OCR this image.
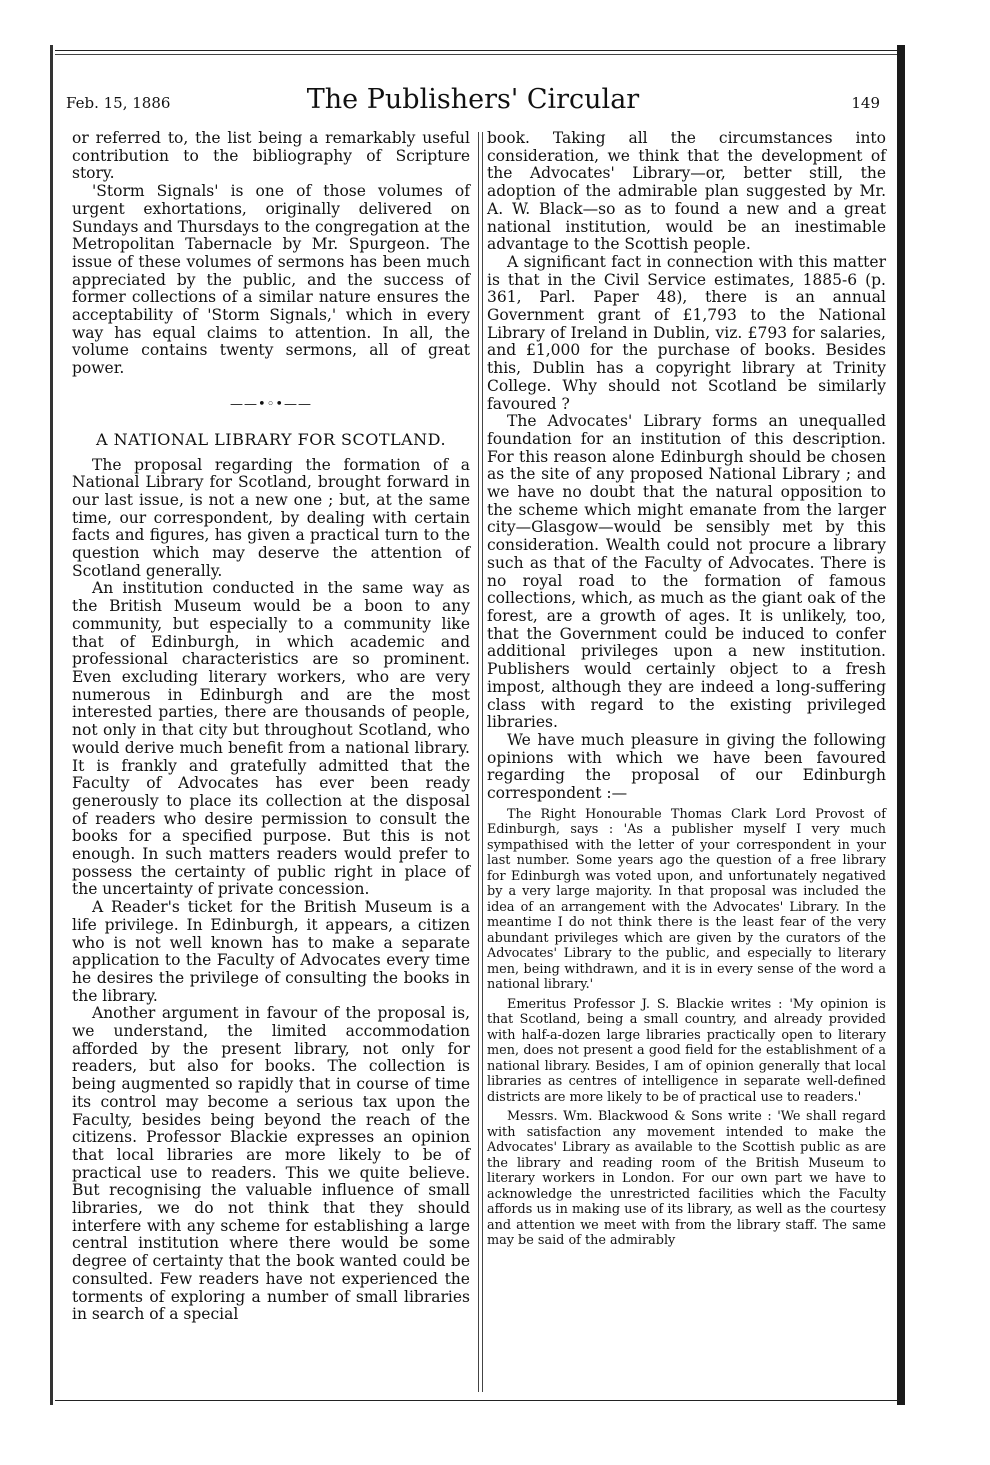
Feb. 15, 1886	The Publishers' Circular	149

or referred to, the list being a remarkably useful contribution to the bibliography of Scripture story.

'Storm Signals' is one of those volumes of urgent exhortations, originally delivered on Sundays and Thursdays to the congregation at the Metropolitan Tabernacle by Mr. Spurgeon. The issue of these volumes of sermons has been much appreciated by the public, and the success of former collections of a similar nature ensures the acceptability of 'Storm Signals,' which in every way has equal claims to attention. In all, the volume contains twenty sermons, all of great power.

——•◦•——
A NATIONAL LIBRARY FOR SCOTLAND.

The proposal regarding the formation of a National Library for Scotland, brought forward in our last issue, is not a new one ; but, at the same time, our correspondent, by dealing with certain facts and figures, has given a practical turn to the question which may deserve the attention of Scotland generally.

An institution conducted in the same way as the British Museum would be a boon to any community, but especially to a community like that of Edinburgh, in which academic and professional characteristics are so prominent. Even excluding literary workers, who are very numerous in Edinburgh and are the most interested parties, there are thousands of people, not only in that city but throughout Scotland, who would derive much benefit from a national library. It is frankly and gratefully admitted that the Faculty of Advocates has ever been ready generously to place its collection at the disposal of readers who desire permission to consult the books for a specified purpose. But this is not enough. In such matters readers would prefer to possess the certainty of public right in place of the uncertainty of private concession.

A Reader's ticket for the British Museum is a life privilege. In Edinburgh, it appears, a citizen who is not well known has to make a separate application to the Faculty of Advocates every time he desires the privilege of consulting the books in the library.

Another argument in favour of the proposal is, we understand, the limited accommodation afforded by the present library, not only for readers, but also for books. The collection is being augmented so rapidly that in course of time its control may become a serious tax upon the Faculty, besides being beyond the reach of the citizens. Professor Blackie expresses an opinion that local libraries are more likely to be of practical use to readers. This we quite believe. But recognising the valuable influence of small libraries, we do not think that they should interfere with any scheme for establishing a large central institution where there would be some degree of certainty that the book wanted could be consulted. Few readers have not experienced the torments of exploring a number of small libraries in search of a special

book. Taking all the circumstances into consideration, we think that the development of the Advocates' Library—or, better still, the adoption of the admirable plan suggested by Mr. A. W. Black—so as to found a new and a great national institution, would be an inestimable advantage to the Scottish people.

A significant fact in connection with this matter is that in the Civil Service estimates, 1885-6 (p. 361, Parl. Paper 48), there is an annual Government grant of £1,793 to the National Library of Ireland in Dublin, viz. £793 for salaries, and £1,000 for the purchase of books. Besides this, Dublin has a copyright library at Trinity College. Why should not Scotland be similarly favoured ?

The Advocates' Library forms an unequalled foundation for an institution of this description. For this reason alone Edinburgh should be chosen as the site of any proposed National Library ; and we have no doubt that the natural opposition to the scheme which might emanate from the larger city—Glasgow—would be sensibly met by this consideration. Wealth could not procure a library such as that of the Faculty of Advocates. There is no royal road to the formation of famous collections, which, as much as the giant oak of the forest, are a growth of ages. It is unlikely, too, that the Government could be induced to confer additional privileges upon a new institution. Publishers would certainly object to a fresh impost, although they are indeed a long-suffering class with regard to the existing privileged libraries.

We have much pleasure in giving the following opinions with which we have been favoured regarding the proposal of our Edinburgh correspondent :—

The Right Honourable Thomas Clark Lord Provost of Edinburgh, says : 'As a publisher myself I very much sympathised with the letter of your correspondent in your last number. Some years ago the question of a free library for Edinburgh was voted upon, and unfortunately negatived by a very large majority. In that proposal was included the idea of an arrangement with the Advocates' Library. In the meantime I do not think there is the least fear of the very abundant privileges which are given by the curators of the Advocates' Library to the public, and especially to literary men, being withdrawn, and it is in every sense of the word a national library.'

Emeritus Professor J. S. Blackie writes : 'My opinion is that Scotland, being a small country, and already provided with half-a-dozen large libraries practically open to literary men, does not present a good field for the establishment of a national library. Besides, I am of opinion generally that local libraries as centres of intelligence in separate well-defined districts are more likely to be of practical use to readers.'

Messrs. Wm. Blackwood & Sons write : 'We shall regard with satisfaction any movement intended to make the Advocates' Library as available to the Scottish public as are the library and reading room of the British Museum to literary workers in London. For our own part we have to acknowledge the unrestricted facilities which the Faculty affords us in making use of its library, as well as the courtesy and attention we meet with from the library staff. The same may be said of the admirably
